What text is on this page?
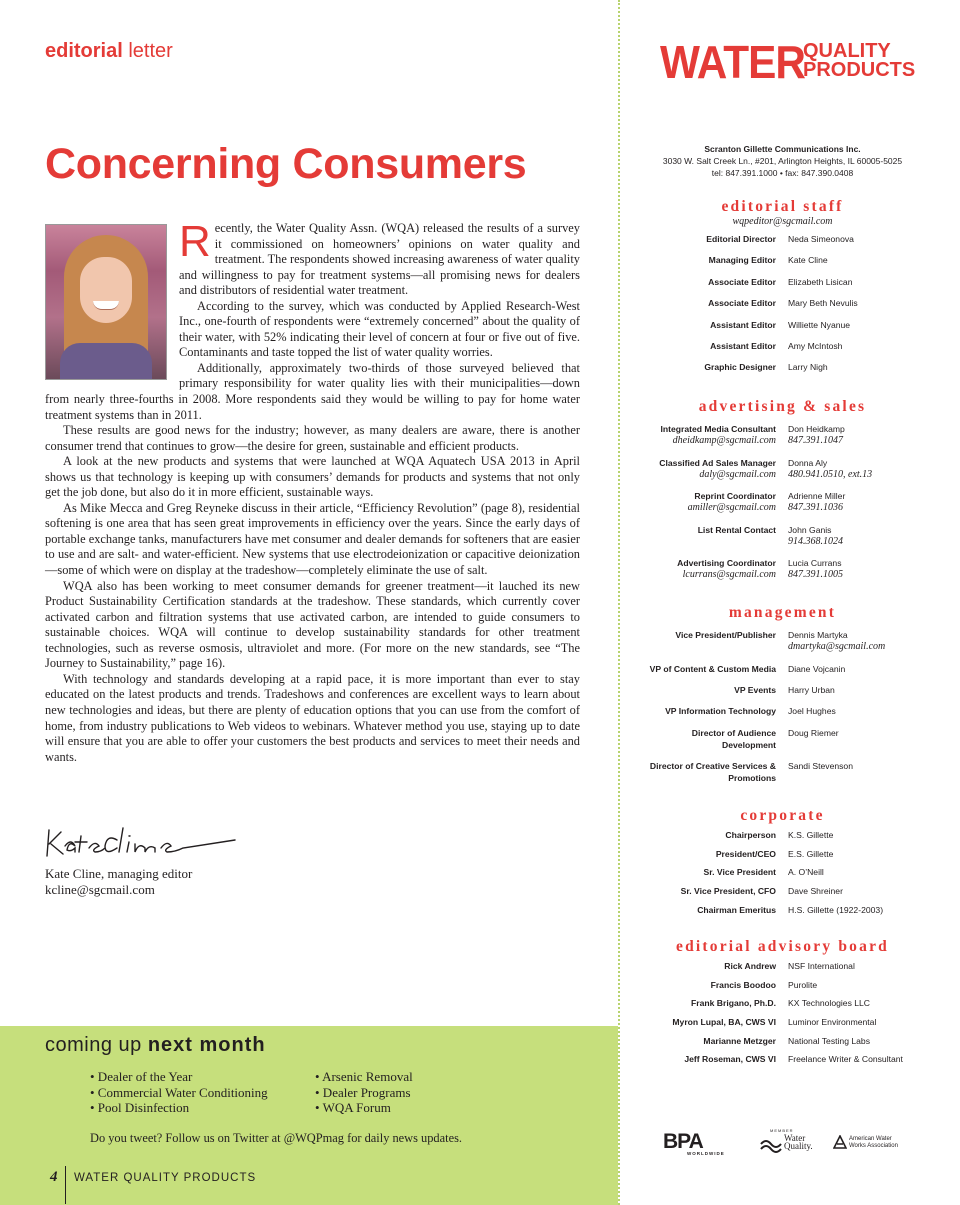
editorial letter
Concerning Consumers

Recently, the Water Quality Assn. (WQA) released the results of a survey it commissioned on homeowners’ opinions on water quality and treatment. The respondents showed increasing awareness of water quality and willingness to pay for treatment systems—all promising news for dealers and distributors of residential water treatment.

According to the survey, which was conducted by Applied Research-West Inc., one-fourth of respondents were “extremely concerned” about the quality of their water, with 52% indicating their level of concern at four or five out of five. Contaminants and taste topped the list of water quality worries.

Additionally, approximately two-thirds of those surveyed believed that primary responsibility for water quality lies with their municipalities—down from nearly three-fourths in 2008. More respondents said they would be willing to pay for home water treatment systems than in 2011.

These results are good news for the industry; however, as many dealers are aware, there is another consumer trend that continues to grow—the desire for green, sustainable and efficient products.

A look at the new products and systems that were launched at WQA Aquatech USA 2013 in April shows us that technology is keeping up with consumers’ demands for products and systems that not only get the job done, but also do it in more efficient, sustainable ways.

As Mike Mecca and Greg Reyneke discuss in their article, “Efficiency Revolution” (page 8), residential softening is one area that has seen great improvements in efficiency over the years. Since the early days of portable exchange tanks, manufacturers have met consumer and dealer demands for softeners that are easier to use and are salt- and water-efficient. New systems that use electrodeionization or capacitive deionization—some of which were on display at the tradeshow—completely eliminate the use of salt.

WQA also has been working to meet consumer demands for greener treatment—it lauched its new Product Sustainability Certification standards at the tradeshow. These standards, which currently cover activated carbon and filtration systems that use activated carbon, are intended to guide consumers to sustainable choices. WQA will continue to develop sustainability standards for other treatment technologies, such as reverse osmosis, ultraviolet and more. (For more on the new standards, see “The Journey to Sustainability,” page 16).

With technology and standards developing at a rapid pace, it is more important than ever to stay educated on the latest products and trends. Tradeshows and conferences are excellent ways to learn about new technologies and ideas, but there are plenty of education options that you can use from the comfort of home, from industry publications to Web videos to webinars. Whatever method you use, staying up to date will ensure that you are able to offer your customers the best products and services to meet their needs and wants.

Kate Cline, managing editor
kcline@sgcmail.com
coming up next month
• Dealer of the Year
• Commercial Water Conditioning
• Pool Disinfection
• Arsenic Removal
• Dealer Programs
• WQA Forum
Do you tweet? Follow us on Twitter at @WQPmag for daily news updates.
4 WATER QUALITY PRODUCTS
WATER
QUALITY
PRODUCTS
Scranton Gillette Communications Inc.
3030 W. Salt Creek Ln., #201, Arlington Heights, IL 60005-5025
tel: 847.391.1000 • fax: 847.390.0408
editorial staff
wqpeditor@sgcmail.com
Editorial Director Neda Simeonova
Managing Editor Kate Cline
Associate Editor Elizabeth Lisican
Associate Editor Mary Beth Nevulis
Assistant Editor Williette Nyanue
Assistant Editor Amy McIntosh
Graphic Designer Larry Nigh
advertising & sales
Integrated Media Consultant Don Heidkamp
dheidkamp@sgcmail.com 847.391.1047
Classified Ad Sales Manager Donna Aly
daly@sgcmail.com 480.941.0510, ext.13
Reprint Coordinator Adrienne Miller
amiller@sgcmail.com 847.391.1036
List Rental Contact John Ganis
914.368.1024
Advertising Coordinator Lucia Currans
lcurrans@sgcmail.com 847.391.1005
management
Vice President/Publisher Dennis Martyka
dmartyka@sgcmail.com
VP of Content & Custom Media Diane Vojcanin
VP Events Harry Urban
VP Information Technology Joel Hughes
Director of Audience Development
Doug Riemer
Director of Creative Services & Promotions
Sandi Stevenson
corporate
Chairperson K.S. Gillette
President/CEO E.S. Gillette
Sr. Vice President A. O’Neill
Sr. Vice President, CFO Dave Shreiner
Chairman Emeritus H.S. Gillette (1922-2003)
editorial advisory board
Rick Andrew NSF International
Francis Boodoo Purolite
Frank Brigano, Ph.D. KX Technologies LLC
Myron Lupal, BA, CWS VI Luminor Environmental
Marianne Metzger National Testing Labs
Jeff Roseman, CWS VI Freelance Writer & Consultant
BPA
WORLDWIDE
MEMBER
Water
Quality.
American Water
Works Association
